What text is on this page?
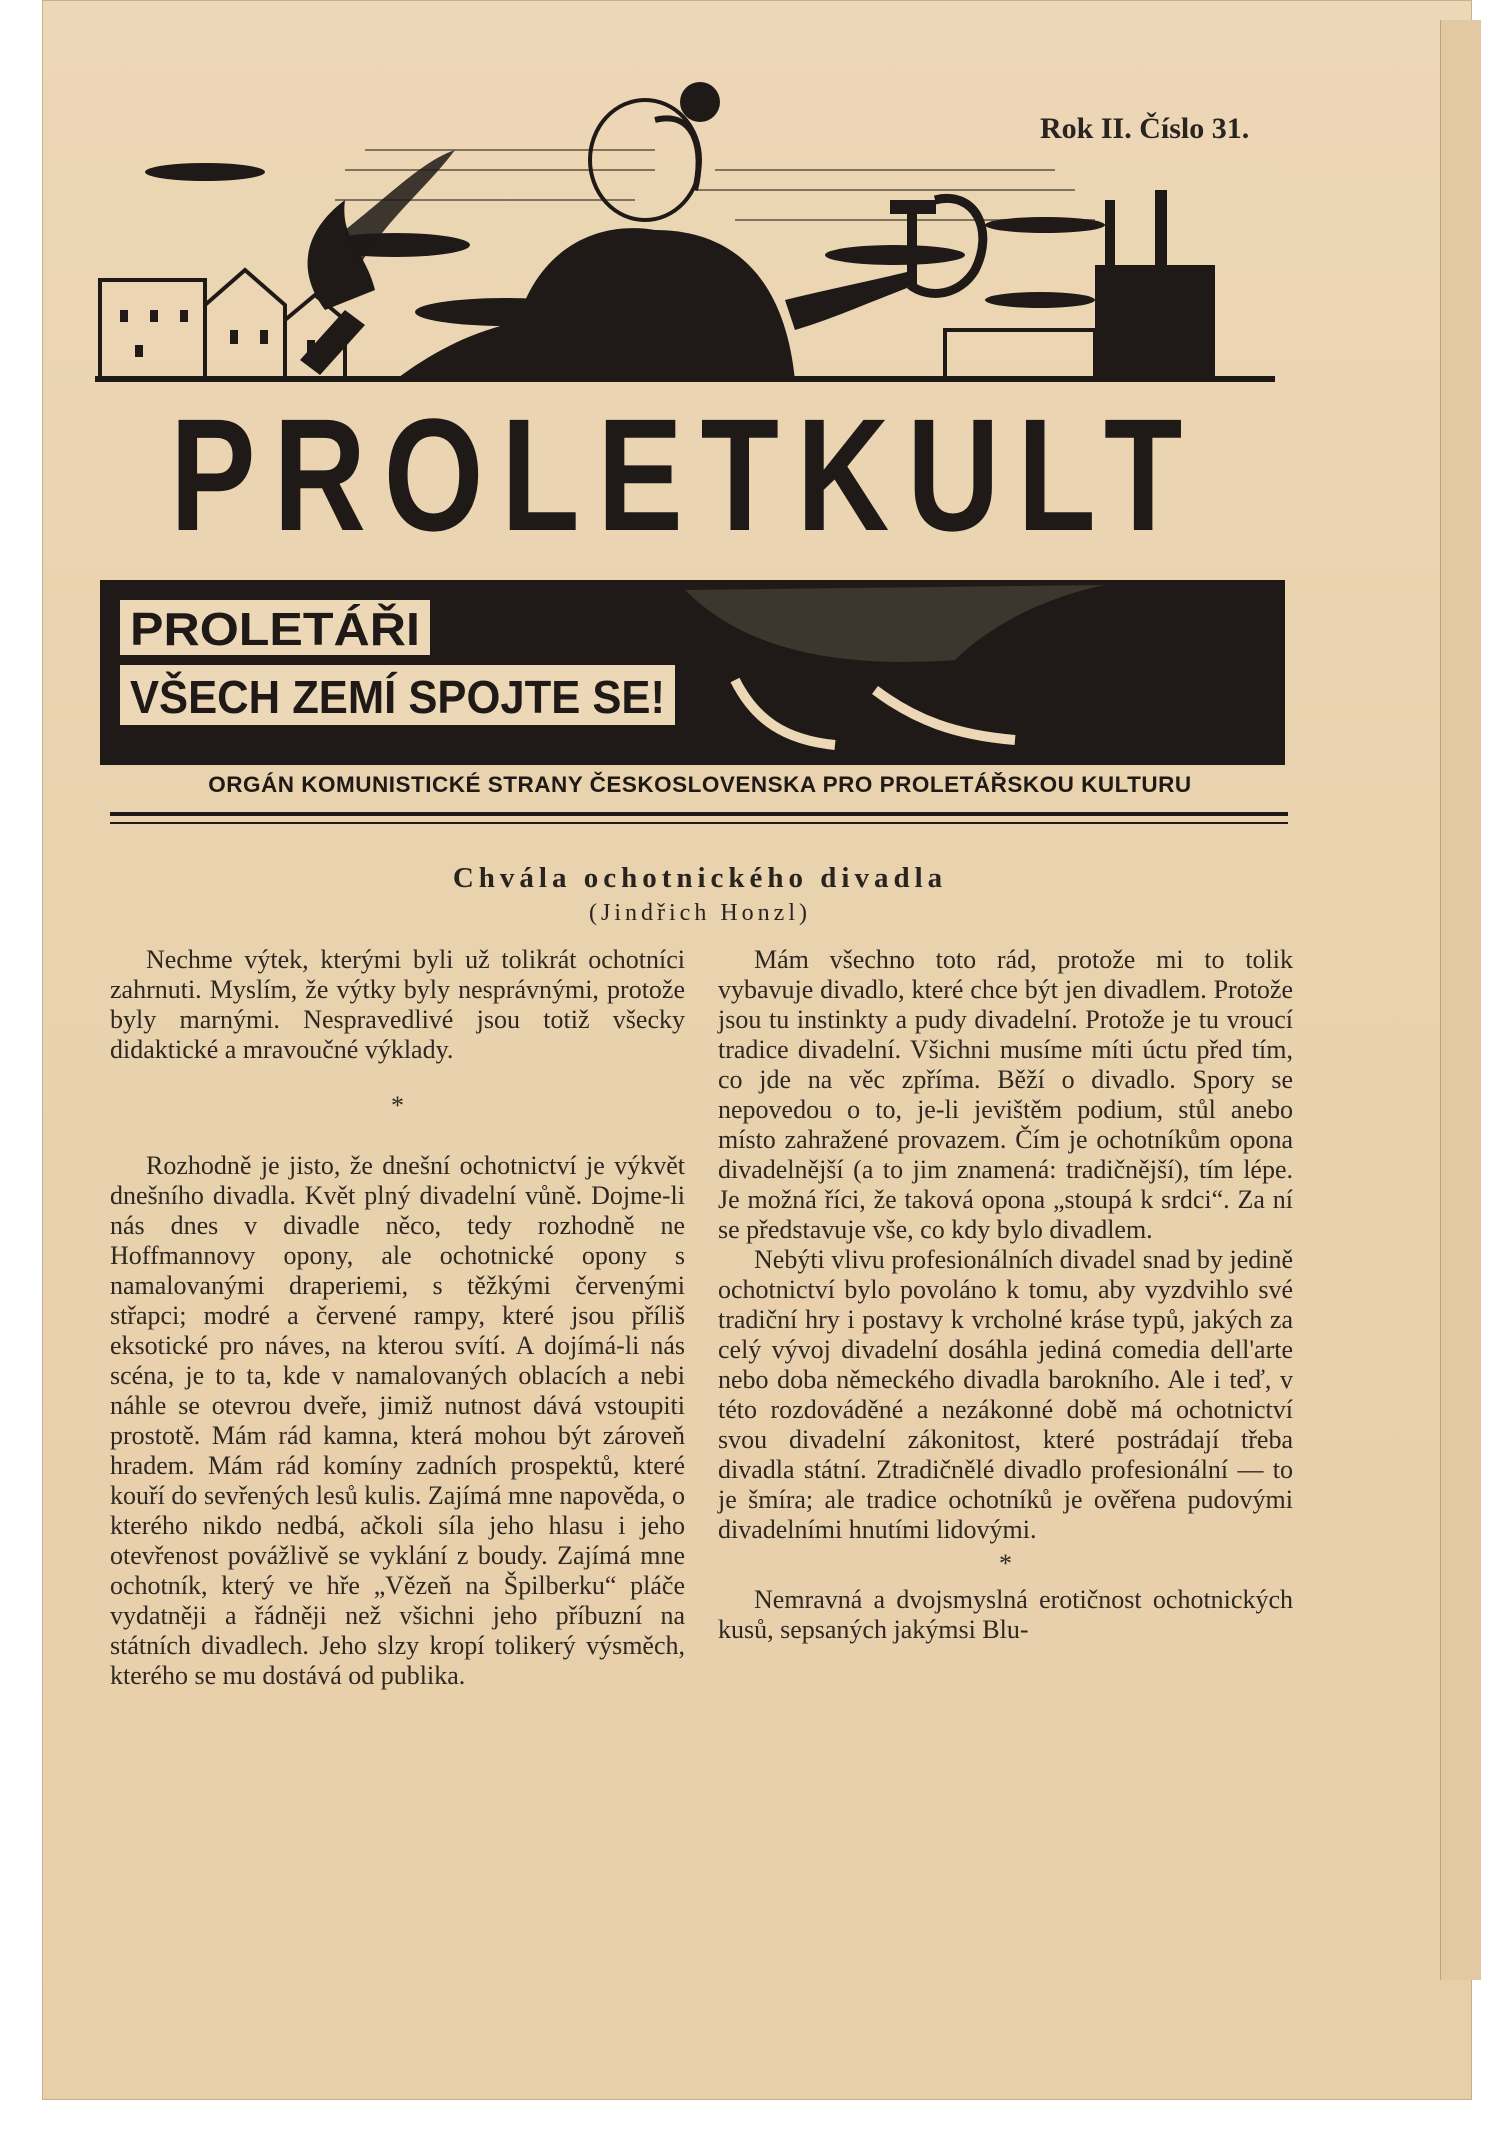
Rok II. Číslo 31.
PROLETKULT
PROLETÁŘI
VŠECH ZEMÍ SPOJTE SE!
ORGÁN KOMUNISTICKÉ STRANY ČESKOSLOVENSKA PRO PROLETÁŘSKOU KULTURU
Chvála ochotnického divadla
(Jindřich Honzl)

Nechme výtek, kterými byli už tolikrát ochotníci zahrnuti. Myslím, že výtky byly nesprávnými, protože byly marnými. Nespravedlivé jsou totiž všecky didaktické a mravoučné výklady.

*

Rozhodně je jisto, že dnešní ochotnictví je výkvět dnešního divadla. Květ plný divadelní vůně. Dojme-li nás dnes v divadle něco, tedy rozhodně ne Hoffmannovy opony, ale ochotnické opony s namalovanými draperiemi, s těžkými červenými střapci; modré a červené rampy, které jsou příliš eksotické pro náves, na kterou svítí. A dojímá-li nás scéna, je to ta, kde v namalovaných oblacích a nebi náhle se otevrou dveře, jimiž nutnost dává vstoupiti prostotě. Mám rád kamna, která mohou být zároveň hradem. Mám rád komíny zadních prospektů, které kouří do sevřených lesů kulis. Zajímá mne napověda, o kterého nikdo nedbá, ačkoli síla jeho hlasu i jeho otevřenost povážlivě se vyklání z boudy. Zajímá mne ochotník, který ve hře „Vězeň na Špilberku“ pláče vydatněji a řádněji než všichni jeho příbuzní na státních divadlech. Jeho slzy kropí tolikerý výsměch, kterého se mu dostává od publika.

Mám všechno toto rád, protože mi to tolik vybavuje divadlo, které chce být jen divadlem. Protože jsou tu instinkty a pudy divadelní. Protože je tu vroucí tradice divadelní. Všichni musíme míti úctu před tím, co jde na věc zpříma. Běží o divadlo. Spory se nepovedou o to, je-li jevištěm podium, stůl anebo místo zahražené provazem. Čím je ochotníkům opona divadelnější (a to jim znamená: tradičnější), tím lépe. Je možná říci, že taková opona „stoupá k srdci“. Za ní se představuje vše, co kdy bylo divadlem.

Nebýti vlivu profesionálních divadel snad by jedině ochotnictví bylo povoláno k tomu, aby vyzdvihlo své tradiční hry i postavy k vrcholné kráse typů, jakých za celý vývoj divadelní dosáhla jediná comedia dell'arte nebo doba německého divadla barokního. Ale i teď, v této rozdováděné a nezákonné době má ochotnictví svou divadelní zákonitost, které postrádají třeba divadla státní. Ztradičnělé divadlo profesionální — to je šmíra; ale tradice ochotníků je ověřena pudovými divadelními hnutími lidovými.

*

Nemravná a dvojsmyslná erotičnost ochotnických kusů, sepsaných jakýmsi Blu-
